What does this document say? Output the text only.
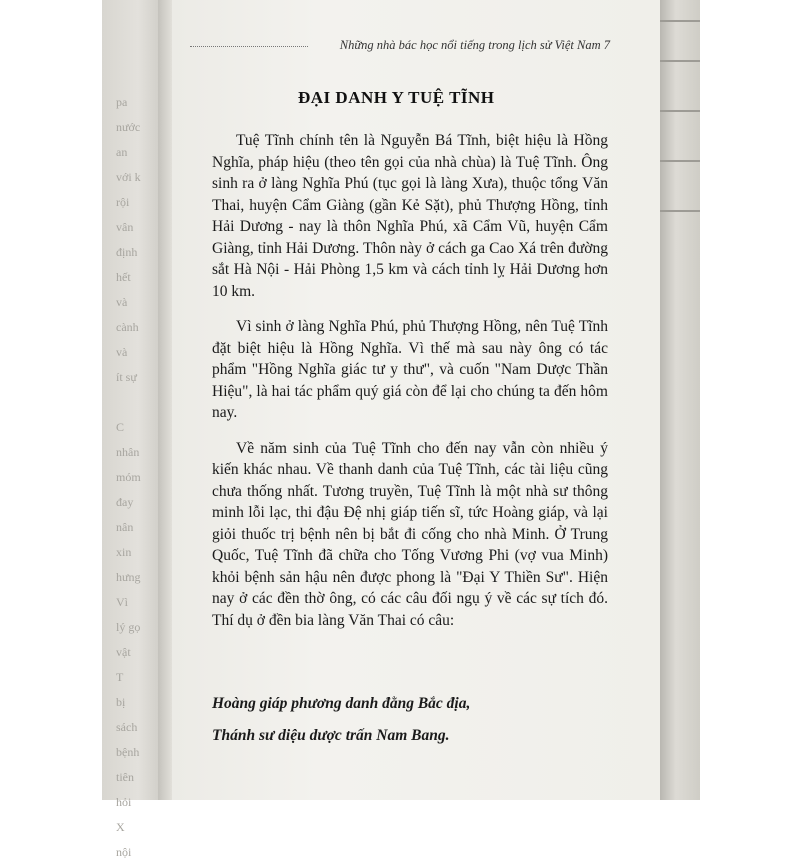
pa
nước
an
với k
rội
vân
định
hết
và
cành
và
ít sự

C
nhân
móm
đay
nân
xin
hưng
Vì
lý gọ
vật
T
bị
sách
bệnh
tiên
hỏi
X
nội
Những nhà bác học nổi tiếng trong lịch sử Việt Nam 7
ĐẠI DANH Y TUỆ TĨNH

Tuệ Tĩnh chính tên là Nguyễn Bá Tĩnh, biệt hiệu là Hồng Nghĩa, pháp hiệu (theo tên gọi của nhà chùa) là Tuệ Tĩnh. Ông sinh ra ở làng Nghĩa Phú (tục gọi là làng Xưa), thuộc tổng Văn Thai, huyện Cẩm Giàng (gần Kẻ Sặt), phủ Thượng Hồng, tỉnh Hải Dương - nay là thôn Nghĩa Phú, xã Cẩm Vũ, huyện Cẩm Giàng, tỉnh Hải Dương. Thôn này ở cách ga Cao Xá trên đường sắt Hà Nội - Hải Phòng 1,5 km và cách tỉnh lỵ Hải Dương hơn 10 km.

Vì sinh ở làng Nghĩa Phú, phủ Thượng Hồng, nên Tuệ Tĩnh đặt biệt hiệu là Hồng Nghĩa. Vì thế mà sau này ông có tác phẩm "Hồng Nghĩa giác tư y thư", và cuốn "Nam Dược Thần Hiệu", là hai tác phẩm quý giá còn để lại cho chúng ta đến hôm nay.

Về năm sinh của Tuệ Tĩnh cho đến nay vẫn còn nhiều ý kiến khác nhau. Về thanh danh của Tuệ Tĩnh, các tài liệu cũng chưa thống nhất. Tương truyền, Tuệ Tĩnh là một nhà sư thông minh lỗi lạc, thi đậu Đệ nhị giáp tiến sĩ, tức Hoàng giáp, và lại giỏi thuốc trị bệnh nên bị bắt đi cống cho nhà Minh. Ở Trung Quốc, Tuệ Tĩnh đã chữa cho Tống Vương Phi (vợ vua Minh) khỏi bệnh sản hậu nên được phong là "Đại Y Thiền Sư". Hiện nay ở các đền thờ ông, có các câu đối ngụ ý về các sự tích đó. Thí dụ ở đền bia làng Văn Thai có câu:

Hoàng giáp phương danh đằng Bắc địa,
Thánh sư diệu dược trấn Nam Bang.
